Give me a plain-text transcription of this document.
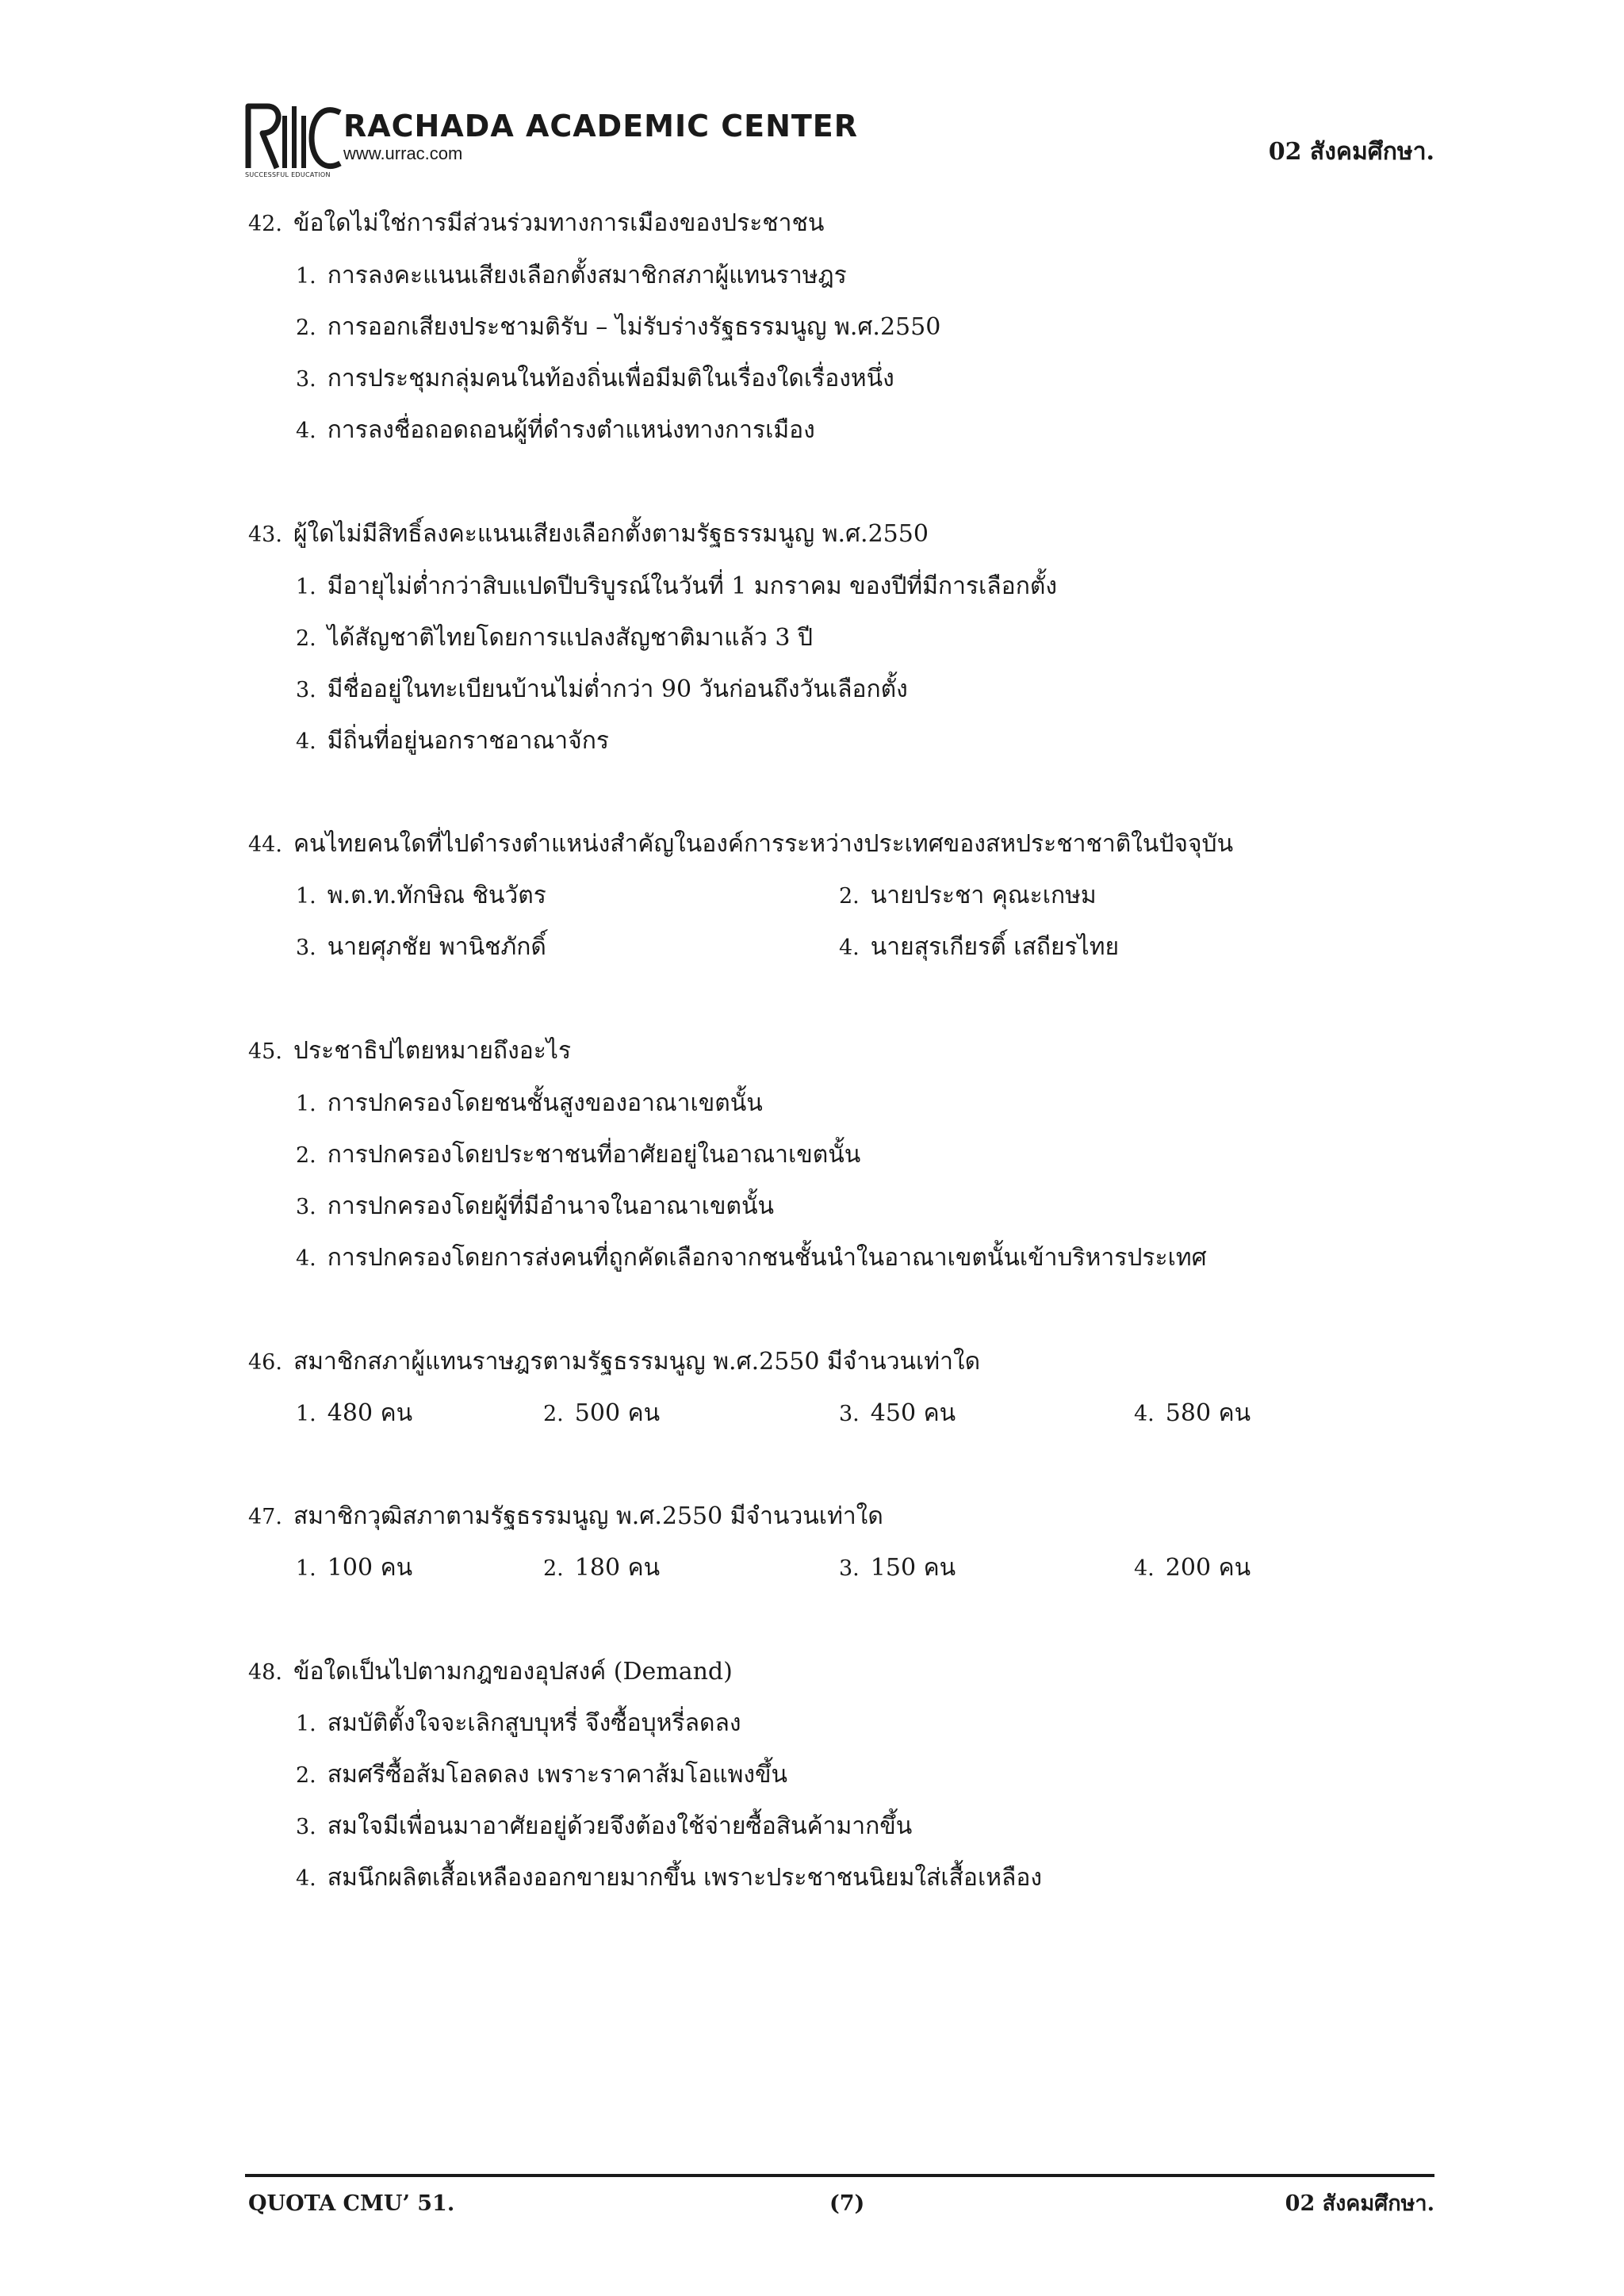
RACHADA ACADEMIC CENTER
www.urrac.com
SUCCESSFUL EDUCATION
02 สังคมศึกษา.
42. ข้อใดไม่ใช่การมีส่วนร่วมทางการเมืองของประชาชน
1. การลงคะแนนเสียงเลือกตั้งสมาชิกสภาผู้แทนราษฎร
2. การออกเสียงประชามติรับ – ไม่รับร่างรัฐธรรมนูญ พ.ศ.2550
3. การประชุมกลุ่มคนในท้องถิ่นเพื่อมีมติในเรื่องใดเรื่องหนึ่ง
4. การลงชื่อถอดถอนผู้ที่ดำรงตำแหน่งทางการเมือง
43. ผู้ใดไม่มีสิทธิ์ลงคะแนนเสียงเลือกตั้งตามรัฐธรรมนูญ พ.ศ.2550
1. มีอายุไม่ต่ำกว่าสิบแปดปีบริบูรณ์ในวันที่ 1 มกราคม ของปีที่มีการเลือกตั้ง
2. ได้สัญชาติไทยโดยการแปลงสัญชาติมาแล้ว 3 ปี
3. มีชื่ออยู่ในทะเบียนบ้านไม่ต่ำกว่า 90 วันก่อนถึงวันเลือกตั้ง
4. มีถิ่นที่อยู่นอกราชอาณาจักร
44. คนไทยคนใดที่ไปดำรงตำแหน่งสำคัญในองค์การระหว่างประเทศของสหประชาชาติในปัจจุบัน
1. พ.ต.ท.ทักษิณ ชินวัตร	2. นายประชา คุณะเกษม
3. นายศุภชัย พานิชภักดิ์	4. นายสุรเกียรติ์ เสถียรไทย
45. ประชาธิปไตยหมายถึงอะไร
1. การปกครองโดยชนชั้นสูงของอาณาเขตนั้น
2. การปกครองโดยประชาชนที่อาศัยอยู่ในอาณาเขตนั้น
3. การปกครองโดยผู้ที่มีอำนาจในอาณาเขตนั้น
4. การปกครองโดยการส่งคนที่ถูกคัดเลือกจากชนชั้นนำในอาณาเขตนั้นเข้าบริหารประเทศ
46. สมาชิกสภาผู้แทนราษฎรตามรัฐธรรมนูญ พ.ศ.2550 มีจำนวนเท่าใด
1. 480 คน	2. 500 คน	3. 450 คน	4. 580 คน
47. สมาชิกวุฒิสภาตามรัฐธรรมนูญ พ.ศ.2550 มีจำนวนเท่าใด
1. 100 คน	2. 180 คน	3. 150 คน	4. 200 คน
48. ข้อใดเป็นไปตามกฎของอุปสงค์ (Demand)
1. สมบัติตั้งใจจะเลิกสูบบุหรี่ จึงซื้อบุหรี่ลดลง
2. สมศรีซื้อส้มโอลดลง เพราะราคาส้มโอแพงขึ้น
3. สมใจมีเพื่อนมาอาศัยอยู่ด้วยจึงต้องใช้จ่ายซื้อสินค้ามากขึ้น
4. สมนึกผลิตเสื้อเหลืองออกขายมากขึ้น เพราะประชาชนนิยมใส่เสื้อเหลือง
QUOTA CMU’ 51.	(7)	02 สังคมศึกษา.
